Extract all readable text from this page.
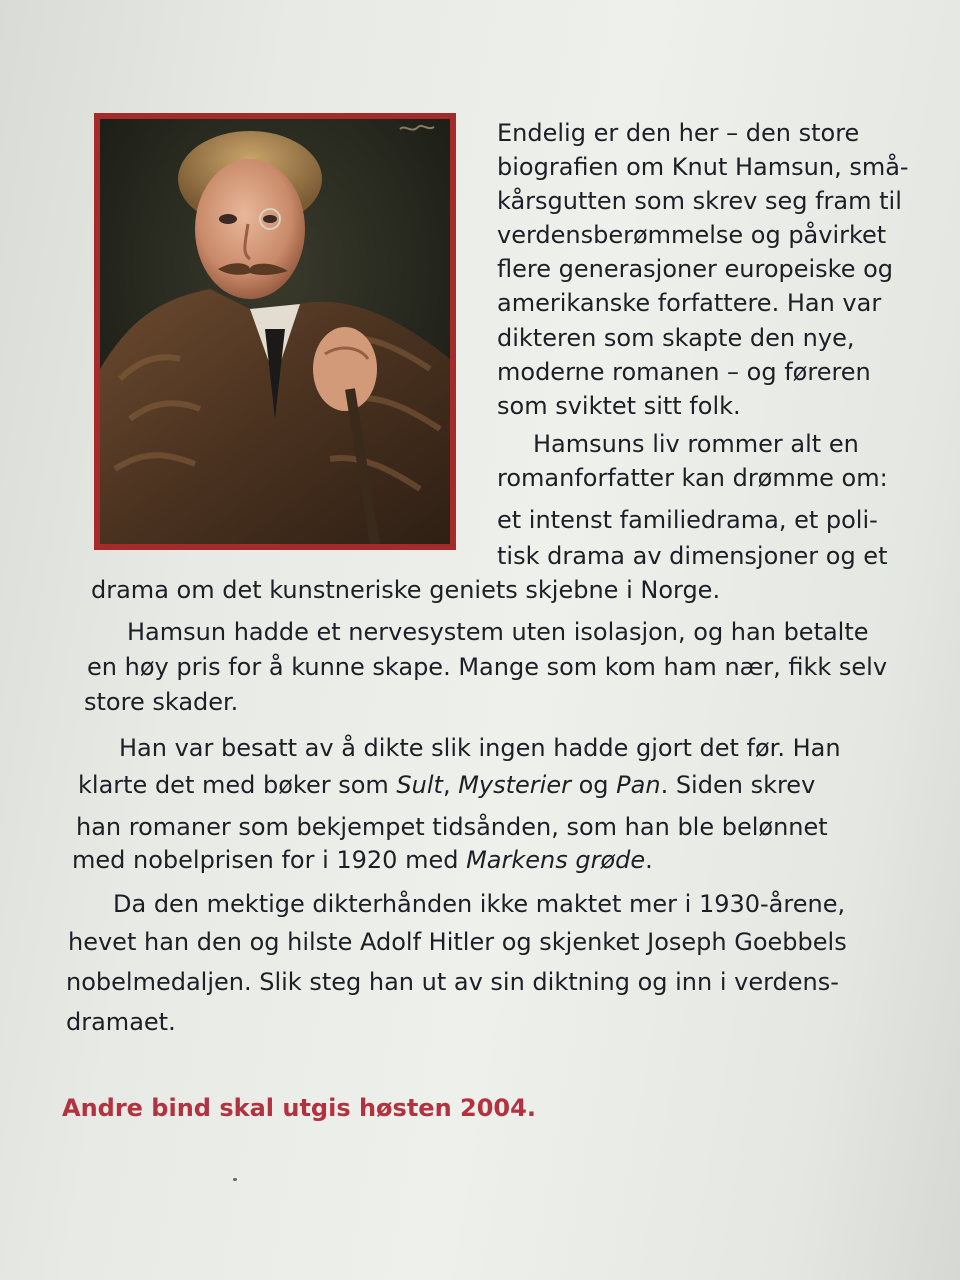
Endelig er den her – den store
biografien om Knut Hamsun, små-
kårsgutten som skrev seg fram til
verdensberømmelse og påvirket
flere generasjoner europeiske og
amerikanske forfattere. Han var
dikteren som skapte den nye,
moderne romanen – og føreren
som sviktet sitt folk.
Hamsuns liv rommer alt en
romanforfatter kan drømme om:
et intenst familiedrama, et poli-
tisk drama av dimensjoner og et
drama om det kunstneriske geniets skjebne i Norge.
Hamsun hadde et nervesystem uten isolasjon, og han betalte
en høy pris for å kunne skape. Mange som kom ham nær, fikk selv
store skader.
Han var besatt av å dikte slik ingen hadde gjort det før. Han
klarte det med bøker som Sult, Mysterier og Pan. Siden skrev
han romaner som bekjempet tidsånden, som han ble belønnet
med nobelprisen for i 1920 med Markens grøde.
Da den mektige dikterhånden ikke maktet mer i 1930-årene,
hevet han den og hilste Adolf Hitler og skjenket Joseph Goebbels
nobelmedaljen. Slik steg han ut av sin diktning og inn i verdens-
dramaet.
Andre bind skal utgis høsten 2004.
